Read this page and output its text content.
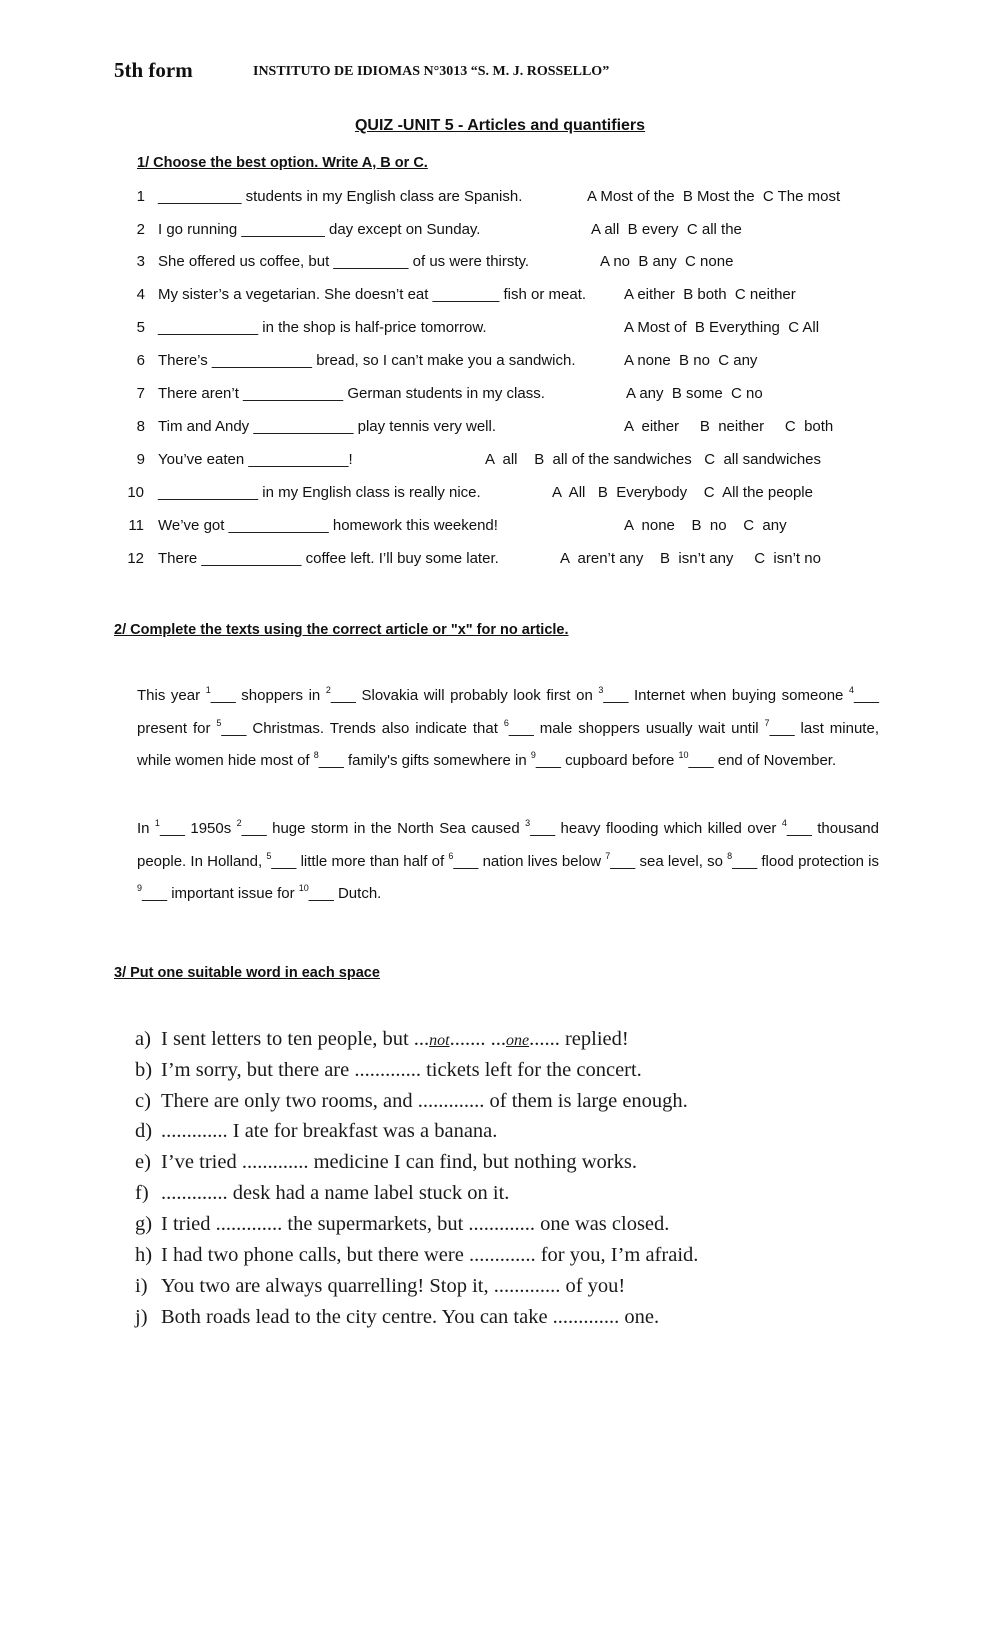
5th form	INSTITUTO DE IDIOMAS N°3013 “S. M. J. ROSSELLO”
QUIZ -UNIT 5 - Articles and quantifiers
1/ Choose the best option. Write A, B or C.
1 __________ students in my English class are Spanish.	A Most of the  B Most the  C The most
2 I go running __________ day except on Sunday.	A all  B every  C all the
3 She offered us coffee, but _________ of us were thirsty.	A no  B any  C none
4 My sister’s a vegetarian. She doesn’t eat ________ fish or meat.	A either  B both  C neither
5 ____________ in the shop is half-price tomorrow.	A Most of  B Everything  C All
6 There’s ____________ bread, so I can’t make you a sandwich.	A none  B no  C any
7 There aren’t ____________ German students in my class.	A any  B some  C no
8 Tim and Andy ____________ play tennis very well.	A  either     B  neither     C  both
9 You’ve eaten ____________!	A  all    B  all of the sandwiches   C  all sandwiches
10 ____________ in my English class is really nice.	A  All   B  Everybody    C  All the people
11 We’ve got ____________ homework this weekend!	A  none    B  no    C  any
12 There ____________ coffee left. I’ll buy some later.	A  aren’t any    B  isn’t any     C  isn’t no
2/ Complete the texts using the correct article or "x" for no article.
This year $^1$___ shoppers in $^2$___ Slovakia will probably look first on $^3$___ Internet when buying someone $^4$___ present for $^5$___ Christmas. Trends also indicate that $^6$___ male shoppers usually wait until $^7$___ last minute, while women hide most of $^8$___ family's gifts somewhere in $^9$___ cupboard before $^{10}$___ end of November.
In $^1$___ 1950s $^2$___ huge storm in the North Sea caused $^3$___ heavy flooding which killed over $^4$___ thousand people. In Holland, $^5$___ little more than half of $^6$___ nation lives below $^7$___ sea level, so $^8$___ flood protection is $^9$___ important issue for $^{10}$___ Dutch.
3/ Put one suitable word in each space
a) I sent letters to ten people, but ...not....... ...one...... replied!
b) I’m sorry, but there are ............. tickets left for the concert.
c) There are only two rooms, and ............. of them is large enough.
d) ............. I ate for breakfast was a banana.
e) I’ve tried ............. medicine I can find, but nothing works.
f) ............. desk had a name label stuck on it.
g) I tried ............. the supermarkets, but ............. one was closed.
h) I had two phone calls, but there were ............. for you, I’m afraid.
i) You two are always quarrelling! Stop it, ............. of you!
j) Both roads lead to the city centre. You can take ............. one.
